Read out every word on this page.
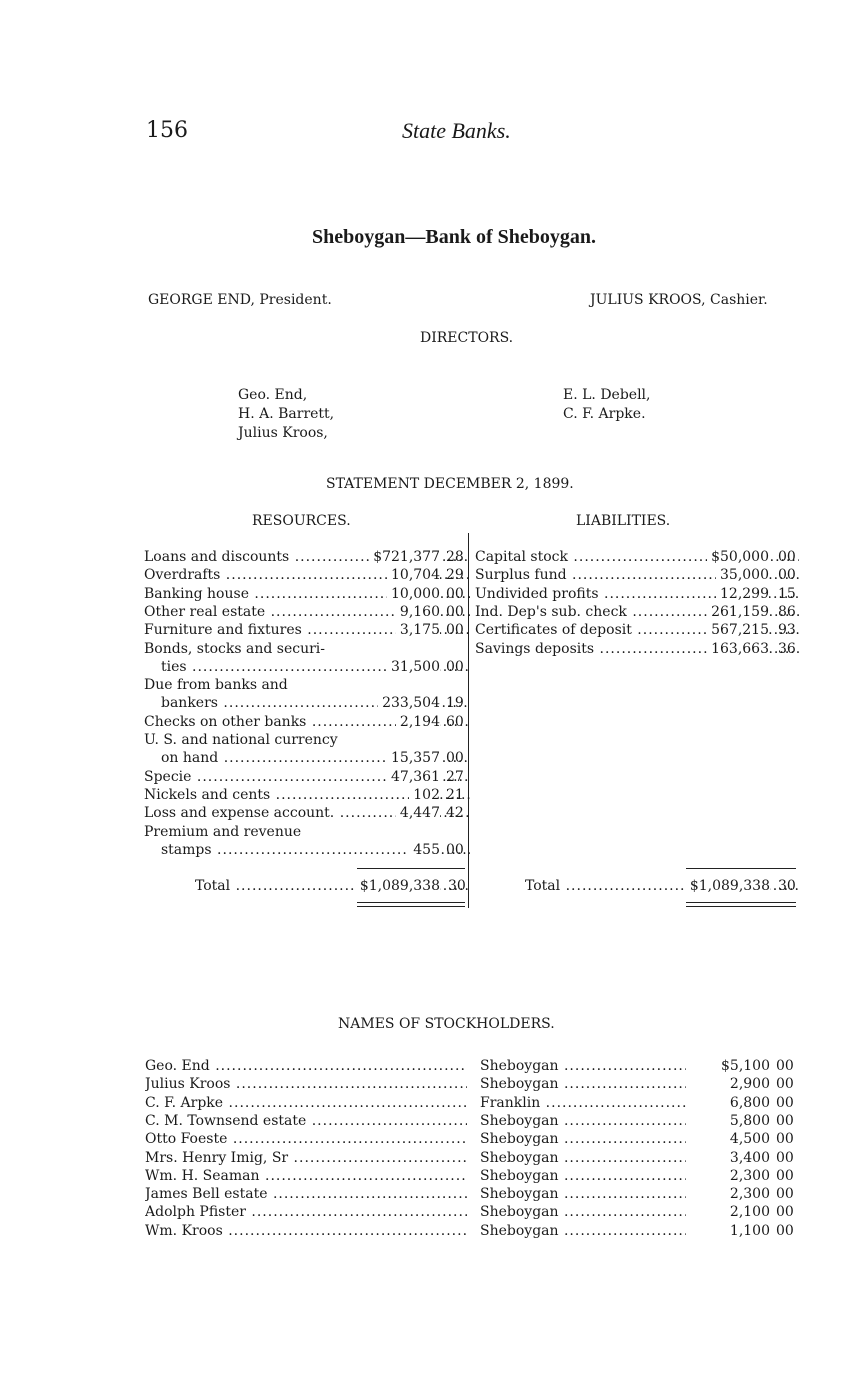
156	State Banks.
Sheboygan—Bank of Sheboygan.
GEORGE END, President.	JULIUS KROOS, Cashier.
DIRECTORS.
Geo. End,
H. A. Barrett,
Julius Kroos,
E. L. Debell,
C. F. Arpke.
STATEMENT DECEMBER 2, 1899.
RESOURCES.	LIABILITIES.
Loans and discounts .....	$721,377 28
Overdrafts .....	10,704 29
Banking house .....	10,000 00
Other real estate .....	9,160 00
Furniture and fixtures .....	3,175 00
Bonds, stocks and securi-
ties .....	31,500 00
Due from banks and
bankers .....	233,504 19
Checks on other banks .....	2,194 60
U. S. and national currency
on hand .....	15,357 00
Specie .....	47,361 27
Nickels and cents .....	102 21
Loss and expense account. .....	4,447 42
Premium and revenue
stamps .....	455 00
Capital stock .....	$50,000 00
Surplus fund .....	35,000 00
Undivided profits .....	12,299 15
Ind. Dep's sub. check .....	261,159 86
Certificates of deposit .....	567,215 93
Savings deposits .....	163,663 36
Total .....	$1,089,338 30	Total .....	$1,089,338 30
NAMES OF STOCKHOLDERS.
Geo. End .....	Sheboygan .....	$5,100 00
Julius Kroos .....	Sheboygan .....	2,900 00
C. F. Arpke .....	Franklin .....	6,800 00
C. M. Townsend estate .....	Sheboygan .....	5,800 00
Otto Foeste .....	Sheboygan .....	4,500 00
Mrs. Henry Imig, Sr .....	Sheboygan .....	3,400 00
Wm. H. Seaman .....	Sheboygan .....	2,300 00
James Bell estate .....	Sheboygan .....	2,300 00
Adolph Pfister .....	Sheboygan .....	2,100 00
Wm. Kroos .....	Sheboygan .....	1,100 00
